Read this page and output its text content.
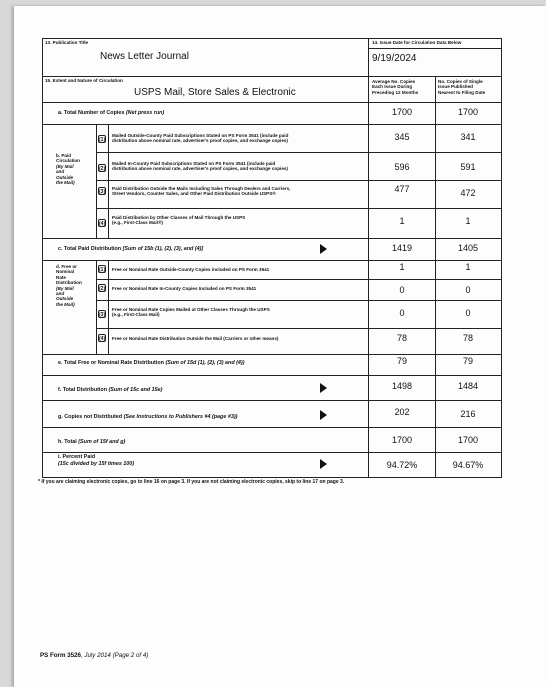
13. Publication Title
News Letter Journal
14. Issue Date for Circulation Data Below
9/19/2024
15. Extent and Nature of Circulation
USPS Mail, Store Sales & Electronic
Average No. Copies
Each Issue During
Preceding 12 Months
No. Copies of Single
Issue Published
Nearest to Filing Date
a. Total Number of Copies (Net press run)	1700	1700
b. Paid
Circulation
(By Mail
and
Outside
the Mail)
(1)
Mailed Outside-County Paid Subscriptions Stated on PS Form 3541 (include paid
distribution above nominal rate, advertiser's proof copies, and exchange copies)	345	341
(2)
Mailed In-County Paid Subscriptions Stated on PS Form 3541 (include paid
distribution above nominal rate, advertiser's proof copies, and exchange copies)	596	591
(3)
Paid Distribution Outside the Mails Including Sales Through Dealers and Carriers,
Street Vendors, Counter Sales, and Other Paid Distribution Outside USPS®	477	472
(4)
Paid Distribution by Other Classes of Mail Through the USPS
(e.g., First-Class Mail®)	1	1
c. Total Paid Distribution [Sum of 15b (1), (2), (3), and (4)]	1419	1405
d. Free or
Nominal
Rate
Distribution
(By Mail
and
Outside
the Mail)
(1) Free or Nominal Rate Outside-County Copies included on PS Form 3541	1	1
(2) Free or Nominal Rate In-County Copies Included on PS Form 3541	0	0
(3)
Free or Nominal Rate Copies Mailed at Other Classes Through the USPS
(e.g., First-Class Mail)	0	0
(4) Free or Nominal Rate Distribution Outside the Mail (Carriers or other means)	78	78
e. Total Free or Nominal Rate Distribution (Sum of 15d (1), (2), (3) and (4))	79	79
f. Total Distribution (Sum of 15c and 15e)	1498	1484
g. Copies not Distributed (See Instructions to Publishers #4 (page #3))	202	216
h. Total (Sum of 15f and g)	1700	1700
i. Percent Paid
(15c divided by 15f times 100)	94.72%	94.67%
* If you are claiming electronic copies, go to line 16 on page 3. If you are not claiming electronic copies, skip to line 17 on page 3.
PS Form 3526, July 2014 (Page 2 of 4)
